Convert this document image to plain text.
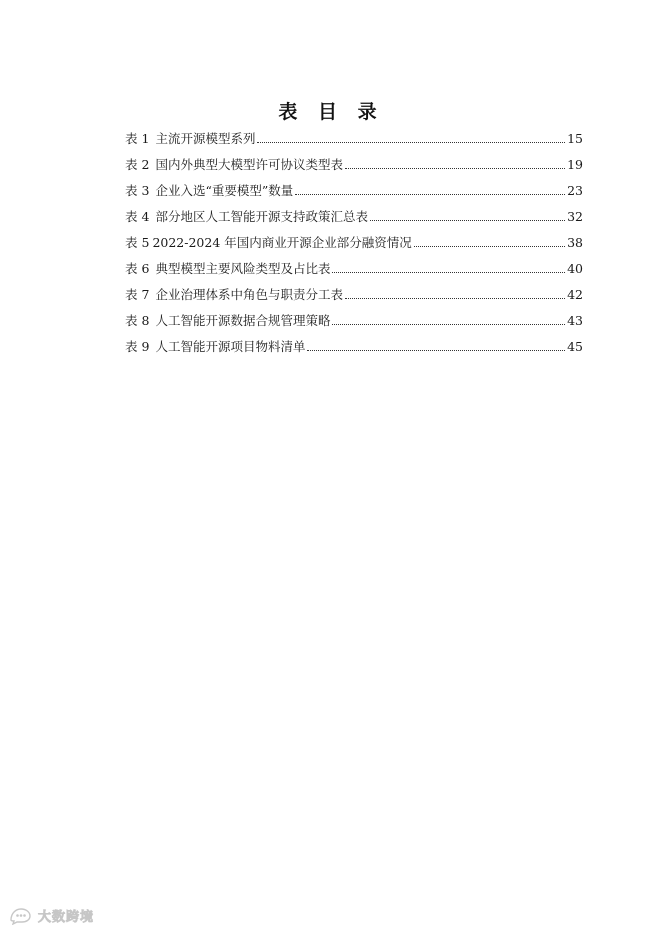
表 目 录
表 1 主流开源模型系列	15
表 2 国内外典型大模型许可协议类型表	19
表 3 企业入选“重要模型”数量	23
表 4 部分地区人工智能开源支持政策汇总表	32
表 5 2022-2024 年国内商业开源企业部分融资情况	38
表 6 典型模型主要风险类型及占比表	40
表 7 企业治理体系中角色与职责分工表	42
表 8 人工智能开源数据合规管理策略	43
表 9 人工智能开源项目物料清单	45
大数跨境
